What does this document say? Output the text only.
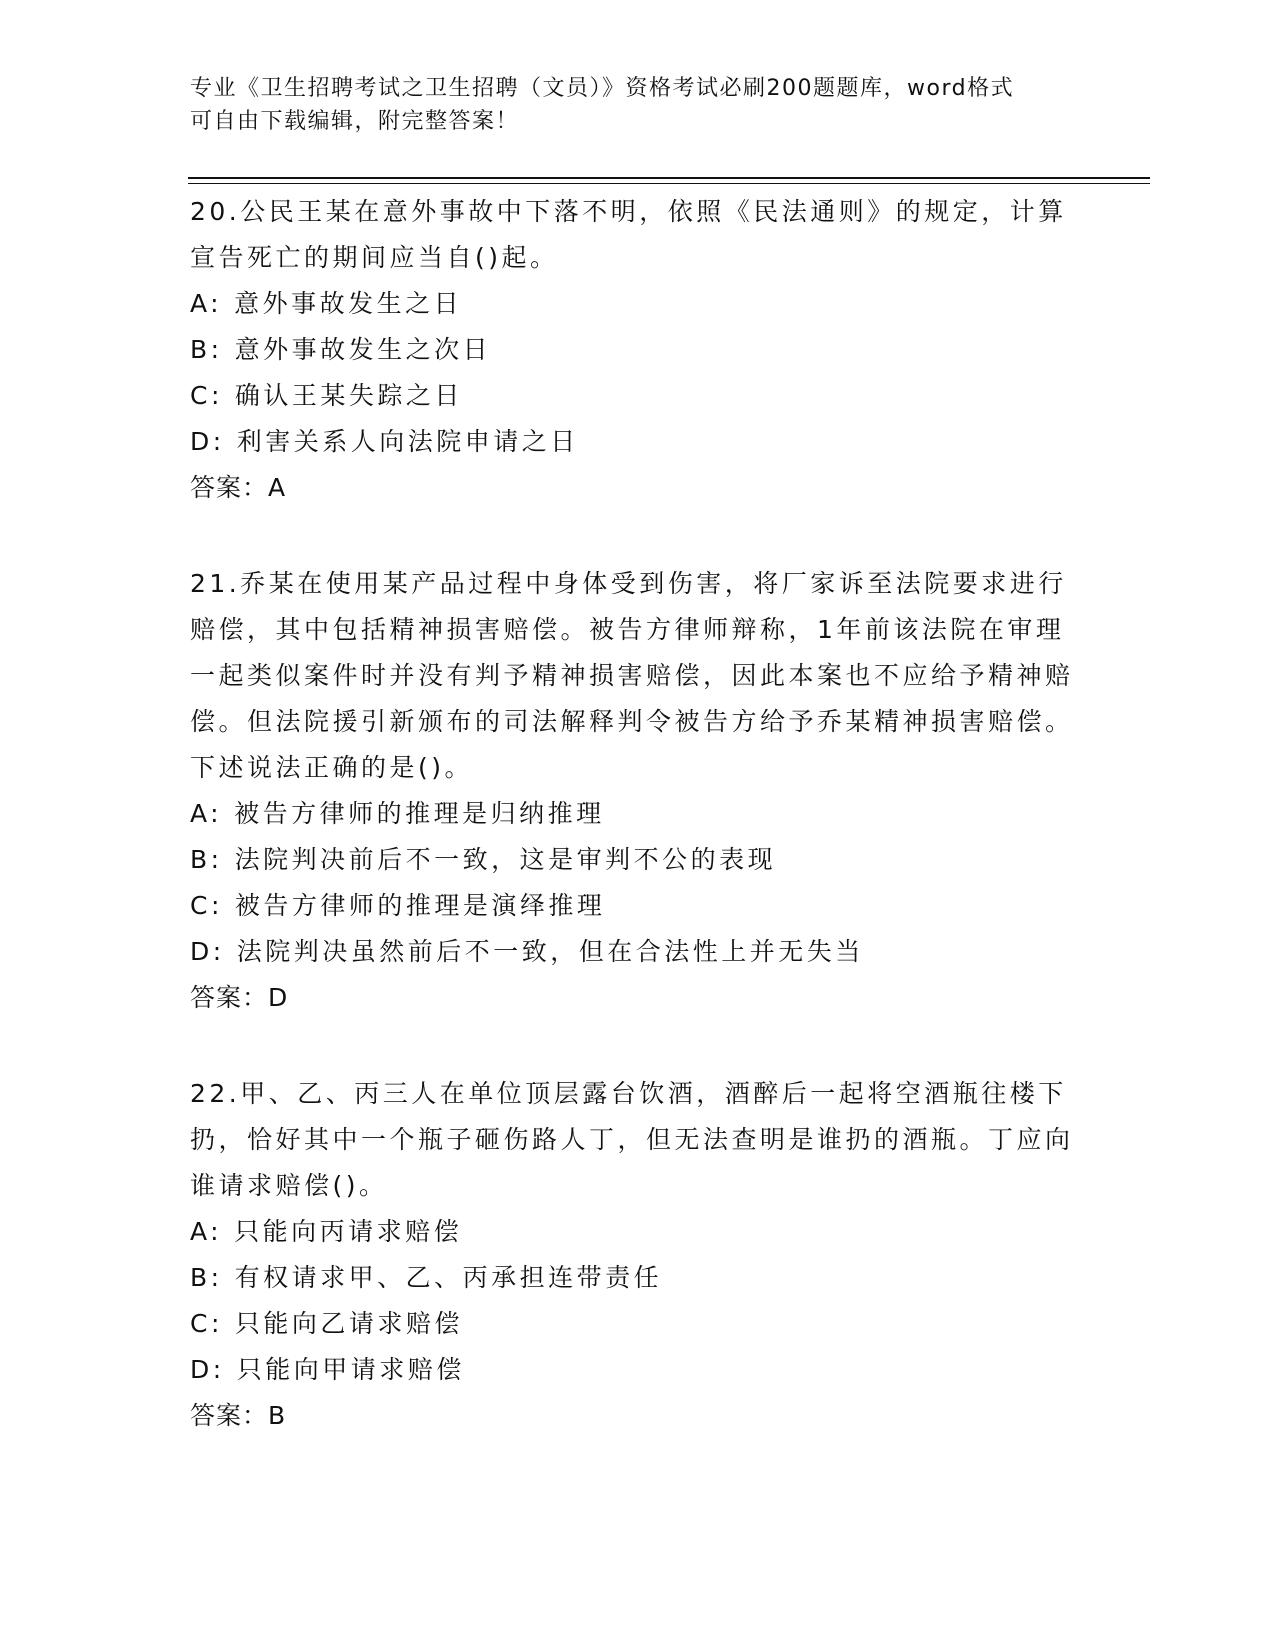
专业《卫生招聘考试之卫生招聘（文员）》资格考试必刷200题题库，word格式
可自由下载编辑，附完整答案！

20.公民王某在意外事故中下落不明，依照《民法通则》的规定，计算宣告死亡的期间应当自()起。

A: 意外事故发生之日

B: 意外事故发生之次日

C: 确认王某失踪之日

D: 利害关系人向法院申请之日

答案：A

21.乔某在使用某产品过程中身体受到伤害，将厂家诉至法院要求进行赔偿，其中包括精神损害赔偿。被告方律师辩称，1年前该法院在审理一起类似案件时并没有判予精神损害赔偿，因此本案也不应给予精神赔偿。但法院援引新颁布的司法解释判令被告方给予乔某精神损害赔偿。下述说法正确的是()。

A: 被告方律师的推理是归纳推理

B: 法院判决前后不一致，这是审判不公的表现

C: 被告方律师的推理是演绎推理

D: 法院判决虽然前后不一致，但在合法性上并无失当

答案：D

22.甲、乙、丙三人在单位顶层露台饮酒，酒醉后一起将空酒瓶往楼下扔，恰好其中一个瓶子砸伤路人丁，但无法查明是谁扔的酒瓶。丁应向谁请求赔偿()。

A: 只能向丙请求赔偿

B: 有权请求甲、乙、丙承担连带责任

C: 只能向乙请求赔偿

D: 只能向甲请求赔偿

答案：B
